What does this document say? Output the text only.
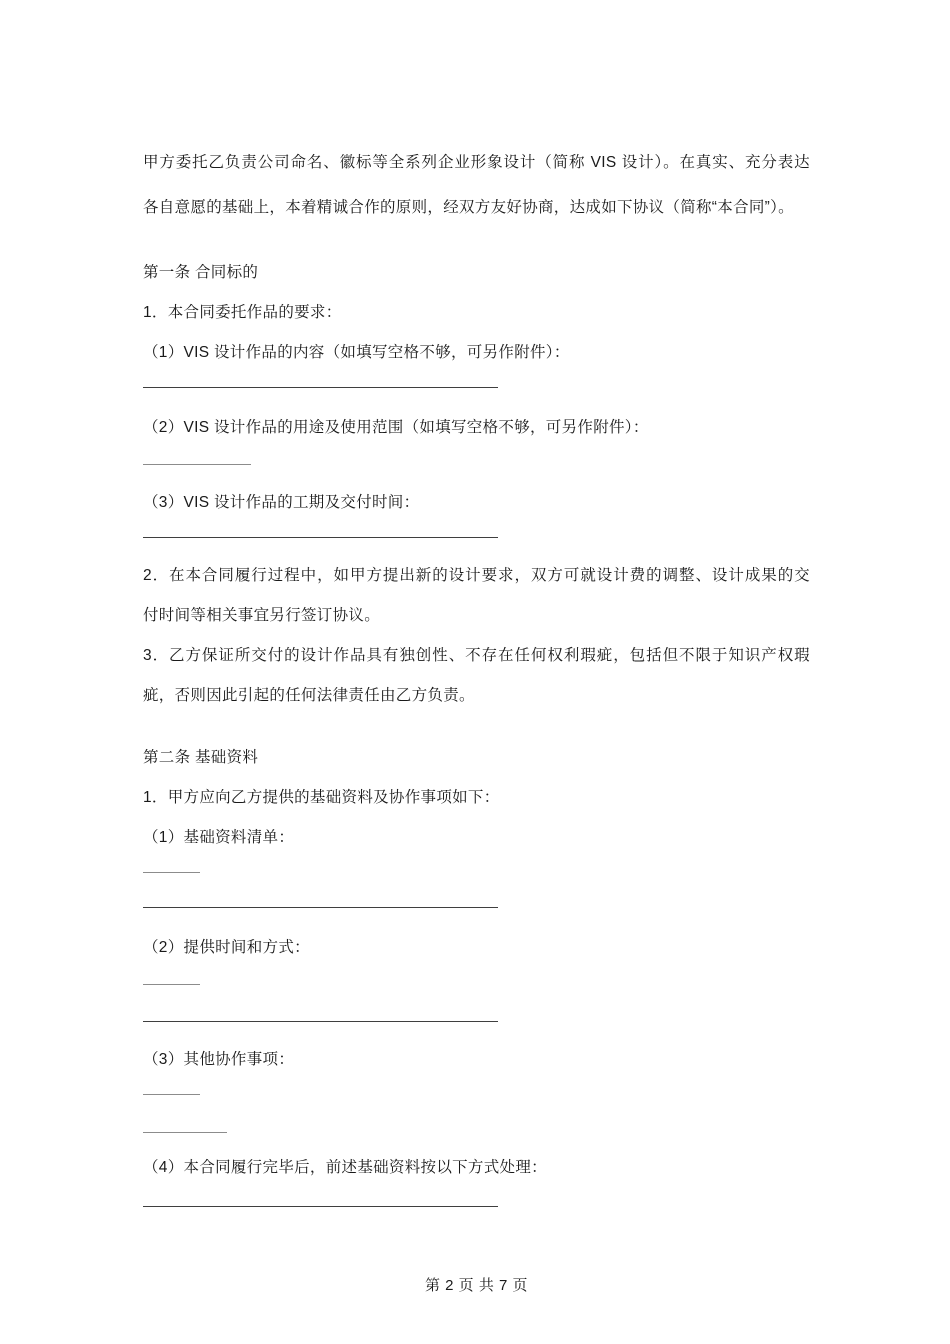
甲方委托乙负责公司命名、徽标等全系列企业形象设计（简称 VIS 设计）。在真实、充分表达
各自意愿的基础上，本着精诚合作的原则，经双方友好协商，达成如下协议（简称“本合同”）。
第一条 合同标的
1．本合同委托作品的要求：
（1）VIS 设计作品的内容（如填写空格不够，可另作附件）：
（2）VIS 设计作品的用途及使用范围（如填写空格不够，可另作附件）：
（3）VIS 设计作品的工期及交付时间：
2．在本合同履行过程中，如甲方提出新的设计要求，双方可就设计费的调整、设计成果的交
付时间等相关事宜另行签订协议。
3．乙方保证所交付的设计作品具有独创性、不存在任何权利瑕疵，包括但不限于知识产权瑕
疵，否则因此引起的任何法律责任由乙方负责。
第二条 基础资料
1．甲方应向乙方提供的基础资料及协作事项如下：
（1）基础资料清单：
（2）提供时间和方式：
（3）其他协作事项：
（4）本合同履行完毕后，前述基础资料按以下方式处理：
第 2 页 共 7 页
